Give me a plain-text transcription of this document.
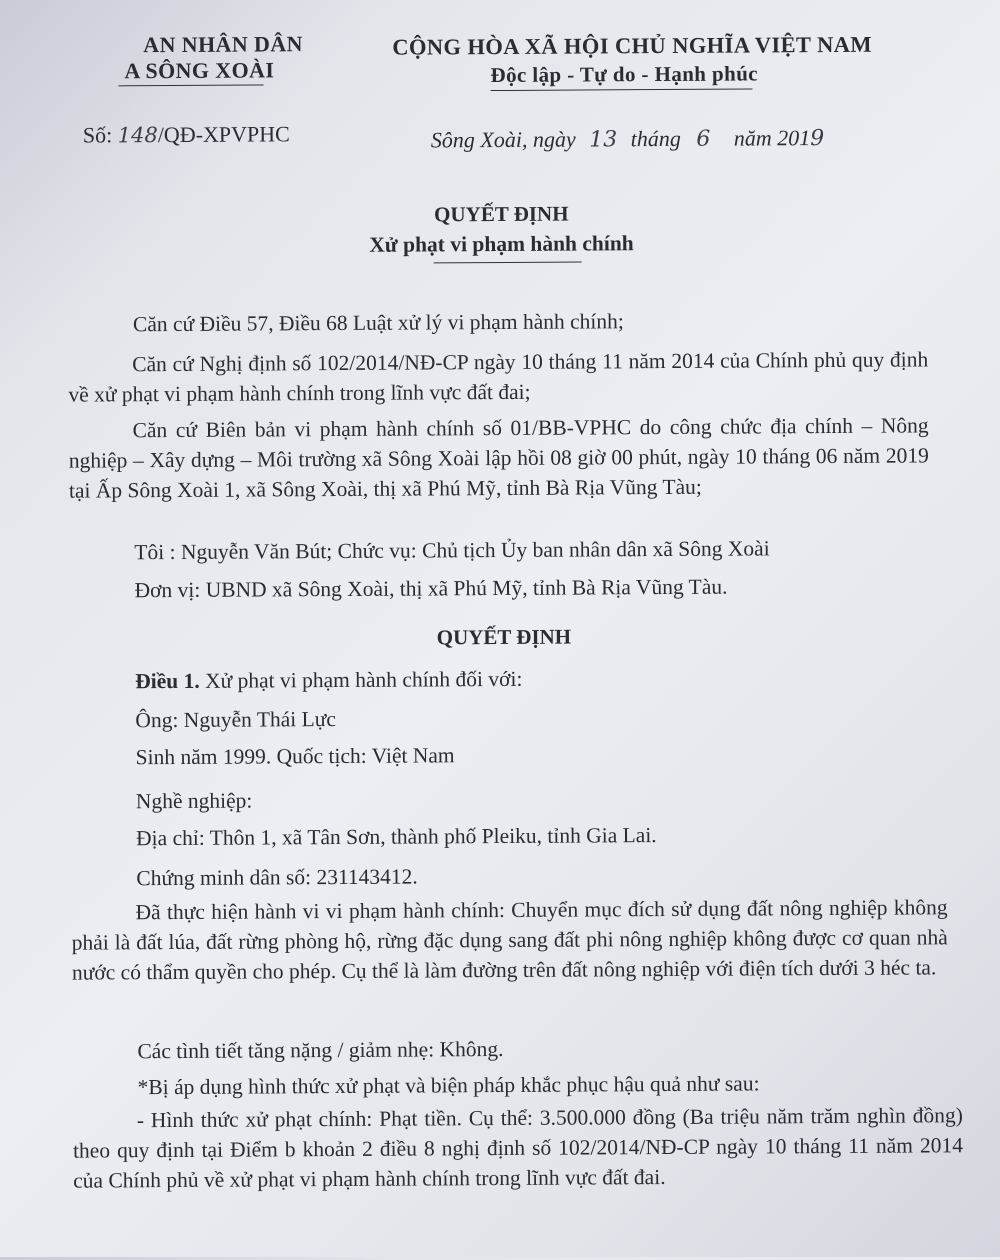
AN NHÂN DÂN
A SÔNG XOÀI
CỘNG HÒA XÃ HỘI CHỦ NGHĨA VIỆT NAM
Độc lập - Tự do - Hạnh phúc
Số: 148/QĐ-XPVPHC	Sông Xoài, ngày 13 tháng 6 năm 2019
QUYẾT ĐỊNH
Xử phạt vi phạm hành chính
Căn cứ Điều 57, Điều 68 Luật xử lý vi phạm hành chính;
Căn cứ Nghị định số 102/2014/NĐ-CP ngày 10 tháng 11 năm 2014 của Chính phủ quy định về xử phạt vi phạm hành chính trong lĩnh vực đất đai;
Căn cứ Biên bản vi phạm hành chính số 01/BB-VPHC do công chức địa chính – Nông nghiệp – Xây dựng – Môi trường xã Sông Xoài lập hồi 08 giờ 00 phút, ngày 10 tháng 06 năm 2019 tại Ấp Sông Xoài 1, xã Sông Xoài, thị xã Phú Mỹ, tỉnh Bà Rịa Vũng Tàu;
Tôi : Nguyễn Văn Bút; Chức vụ: Chủ tịch Ủy ban nhân dân xã Sông Xoài
Đơn vị: UBND xã Sông Xoài, thị xã Phú Mỹ, tỉnh Bà Rịa Vũng Tàu.
QUYẾT ĐỊNH
Điều 1. Xử phạt vi phạm hành chính đối với:
Ông: Nguyễn Thái Lực
Sinh năm 1999. Quốc tịch: Việt Nam
Nghề nghiệp:
Địa chỉ: Thôn 1, xã Tân Sơn, thành phố Pleiku, tỉnh Gia Lai.
Chứng minh dân số: 231143412.
Đã thực hiện hành vi vi phạm hành chính: Chuyển mục đích sử dụng đất nông nghiệp không phải là đất lúa, đất rừng phòng hộ, rừng đặc dụng sang đất phi nông nghiệp không được cơ quan nhà nước có thẩm quyền cho phép. Cụ thể là làm đường trên đất nông nghiệp với điện tích dưới 3 héc ta.
Các tình tiết tăng nặng / giảm nhẹ: Không.
*Bị áp dụng hình thức xử phạt và biện pháp khắc phục hậu quả như sau:
- Hình thức xử phạt chính: Phạt tiền. Cụ thể: 3.500.000 đồng (Ba triệu năm trăm nghìn đồng) theo quy định tại Điểm b khoản 2 điều 8 nghị định số 102/2014/NĐ-CP ngày 10 tháng 11 năm 2014 của Chính phủ về xử phạt vi phạm hành chính trong lĩnh vực đất đai.
